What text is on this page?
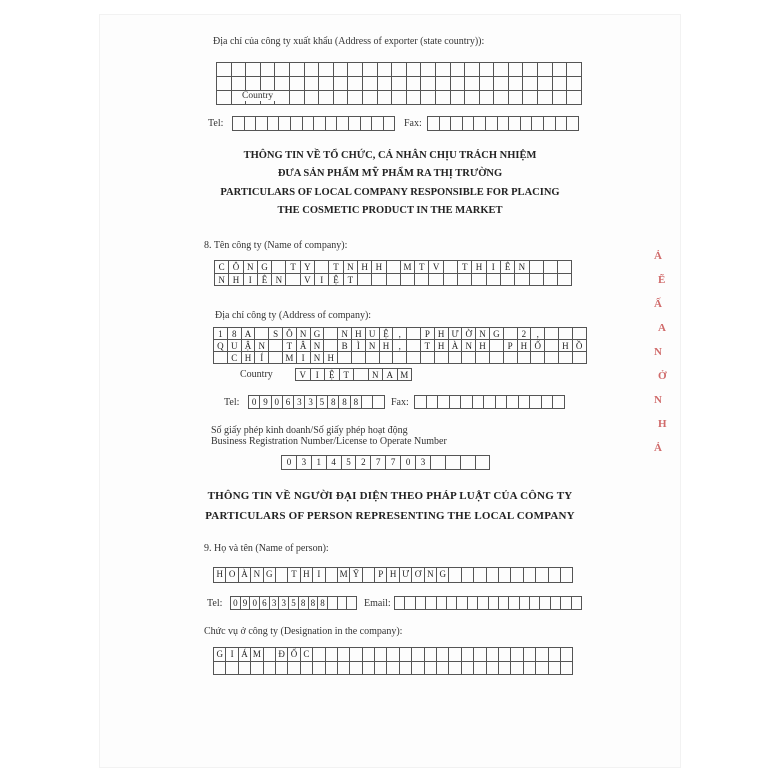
Địa chỉ của công ty xuất khẩu (Address of exporter (state country)):
Country
Tel:	Fax:
THÔNG TIN VỀ TỔ CHỨC, CÁ NHÂN CHỊU TRÁCH NHIỆM
ĐƯA SẢN PHẨM MỸ PHẨM RA THỊ TRƯỜNG
PARTICULARS OF LOCAL COMPANY RESPONSIBLE FOR PLACING
THE COSMETIC PRODUCT IN THE MARKET
8. Tên công ty (Name of company):
C Ô N G	T Y	T N H H	M T V	T H	I	Ê N
N H	I	Ê N	V	I	Ệ T
Địa chỉ công ty (Address of company):
1	8 A	S Ô N G	N H U Ệ	,	P H Ư Ờ N G	2	,
Q U Ậ N	T Â N	B	Ì	N H	,	T H À N H	P H Ố	H Ồ
C H	Í	M I	N H
Country	V	I	Ệ	T	N A M
Tel:	0 9 0 6 3 3 5 8 8 8	Fax:
Số giấy phép kinh doanh/Số giấy phép hoạt động
Business Registration Number/License to Operate Number
0	3	1	4	5	2	7	7	0	3
THÔNG TIN VỀ NGƯỜI ĐẠI DIỆN THEO PHÁP LUẬT CỦA CÔNG TY
PARTICULARS OF PERSON REPRESENTING THE LOCAL COMPANY
9. Họ và tên (Name of person):
H O À N G	T H I	M Ỹ	P H Ư Ơ N G
Tel: 0 9 0 6 3 3 5 8 8 8	Email:
Chức vụ ở công ty (Designation in the company):
G I Á M Đ Ố C
Ả
Ẽ
Ấ
A
N
Ở
N
H
Ả
